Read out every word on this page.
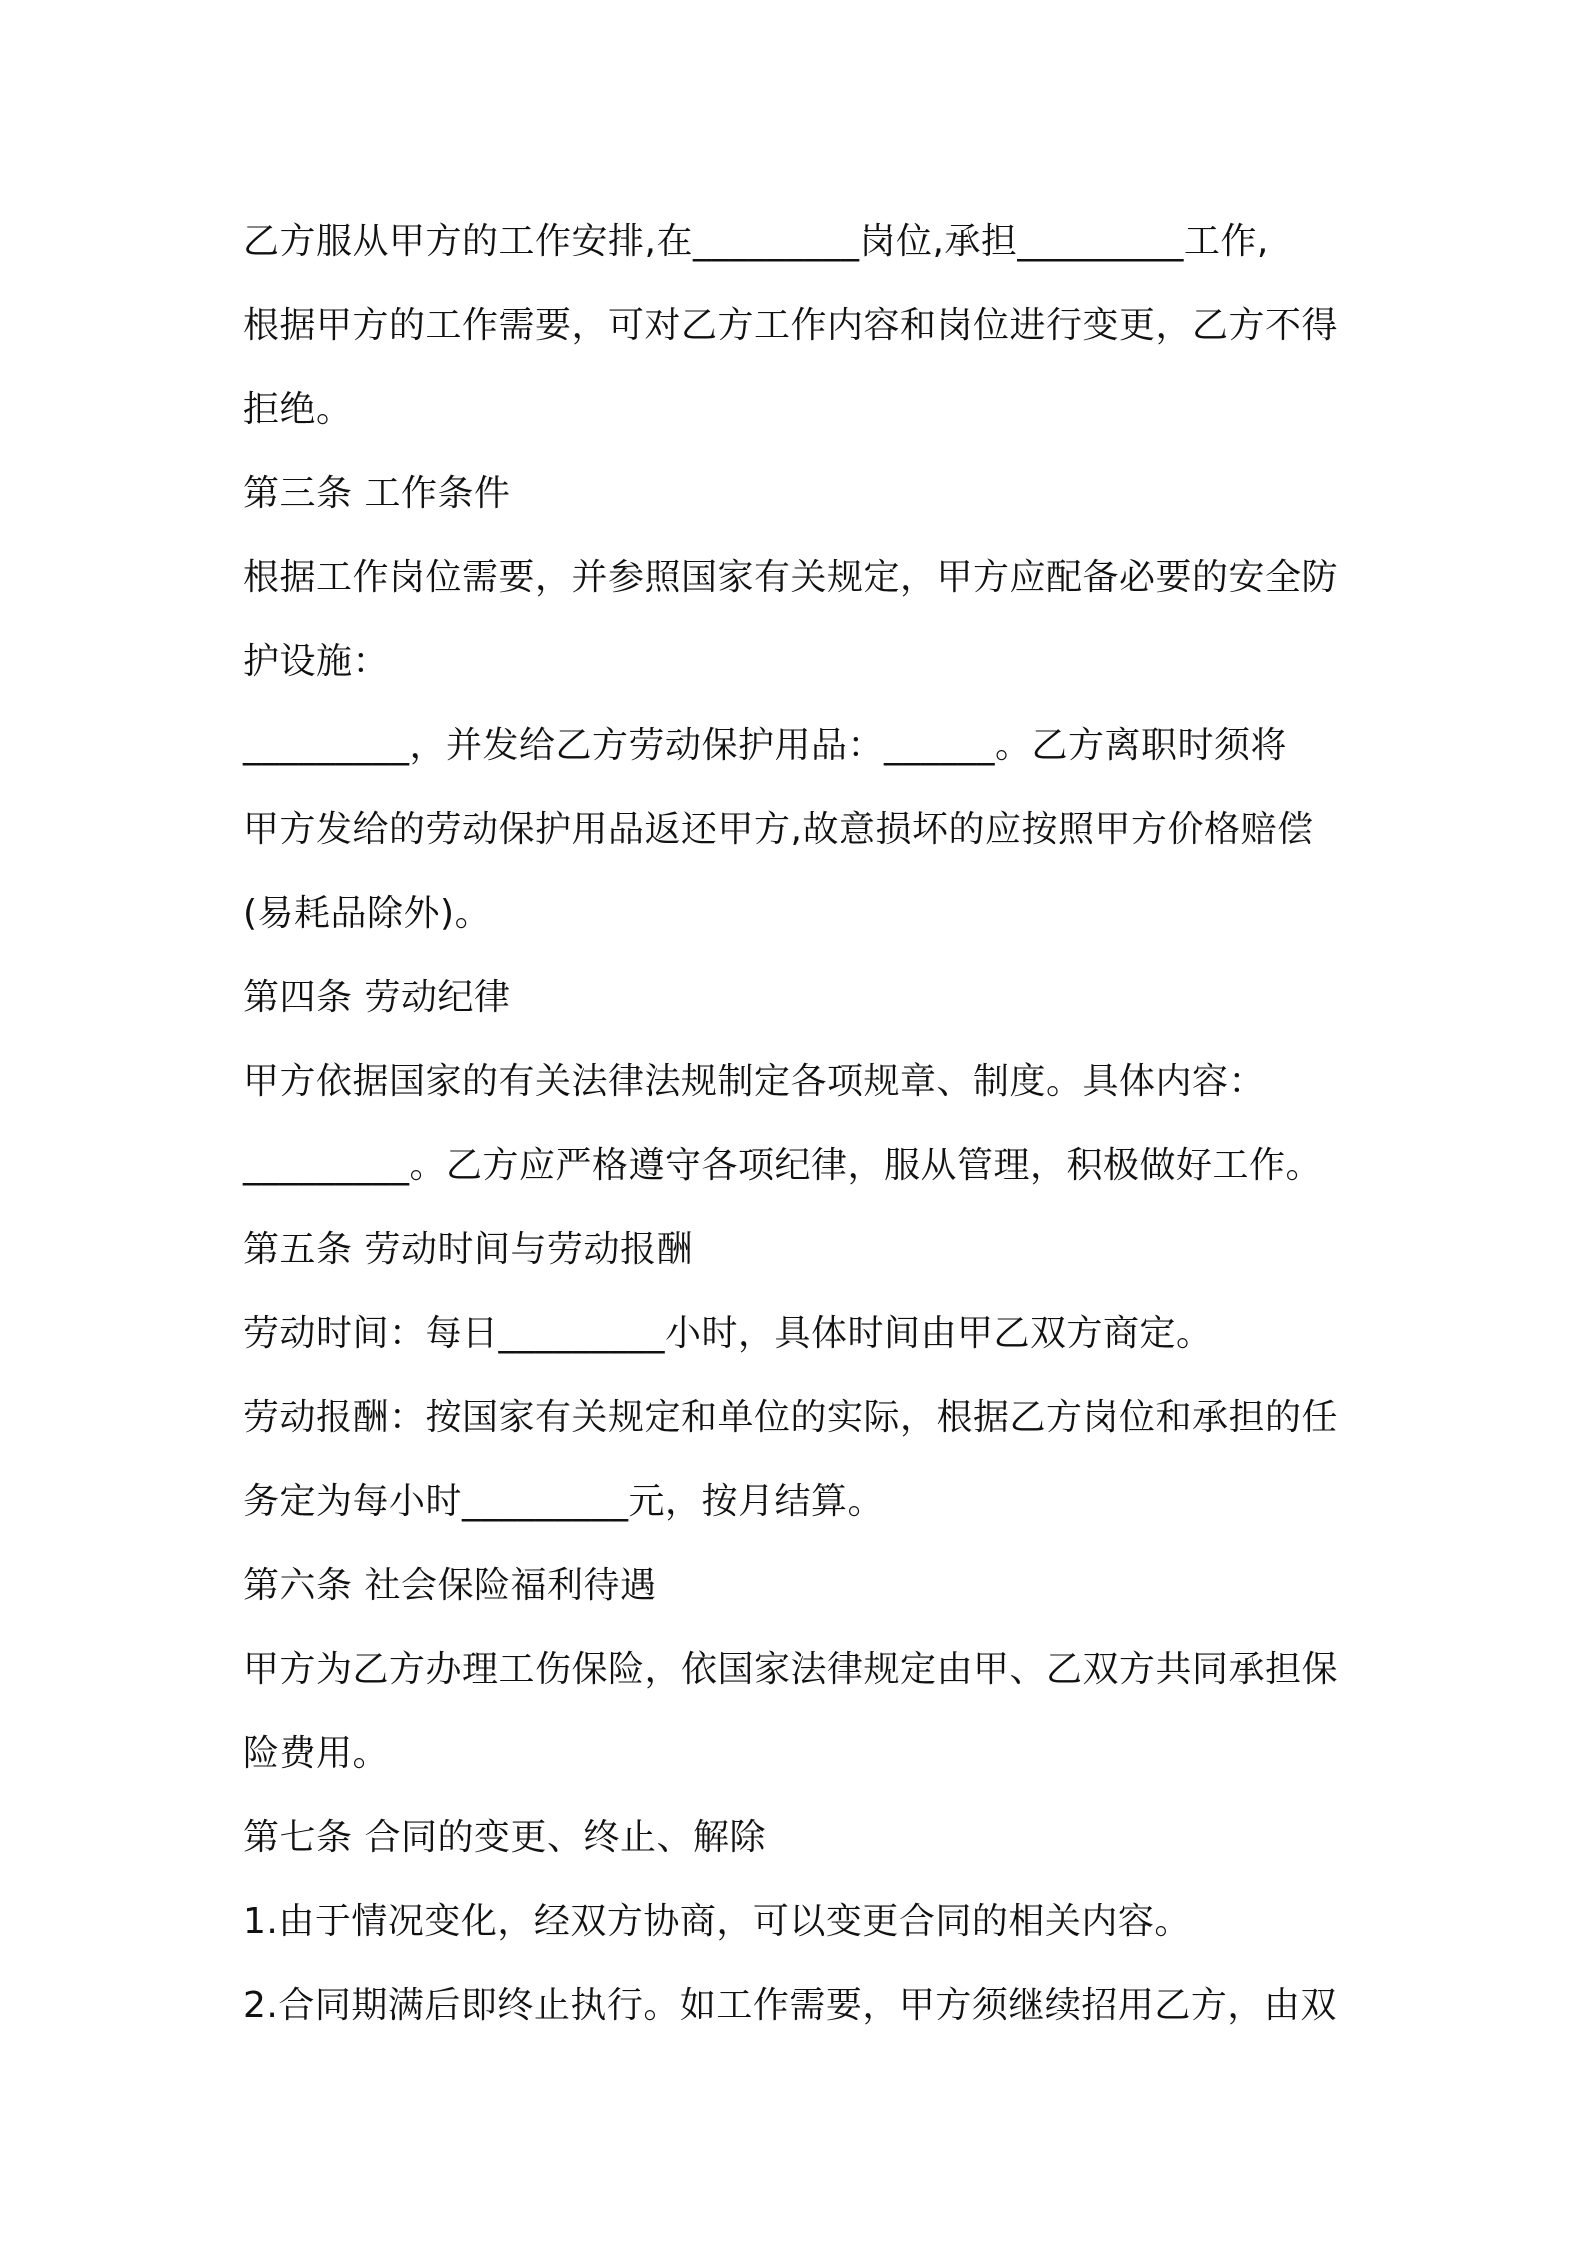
乙方服从甲方的工作安排,在_________岗位,承担_________工作,
根据甲方的工作需要，可对乙方工作内容和岗位进行变更，乙方不得
拒绝。
第三条 工作条件
根据工作岗位需要，并参照国家有关规定，甲方应配备必要的安全防
护设施：
_________，并发给乙方劳动保护用品：______。乙方离职时须将
甲方发给的劳动保护用品返还甲方,故意损坏的应按照甲方价格赔偿
(易耗品除外)。
第四条 劳动纪律
甲方依据国家的有关法律法规制定各项规章、制度。具体内容：
_________。乙方应严格遵守各项纪律，服从管理，积极做好工作。
第五条 劳动时间与劳动报酬
劳动时间：每日_________小时，具体时间由甲乙双方商定。
劳动报酬：按国家有关规定和单位的实际，根据乙方岗位和承担的任
务定为每小时_________元，按月结算。
第六条 社会保险福利待遇
甲方为乙方办理工伤保险，依国家法律规定由甲、乙双方共同承担保
险费用。
第七条 合同的变更、终止、解除
1.由于情况变化，经双方协商，可以变更合同的相关内容。
2.合同期满后即终止执行。如工作需要，甲方须继续招用乙方，由双
